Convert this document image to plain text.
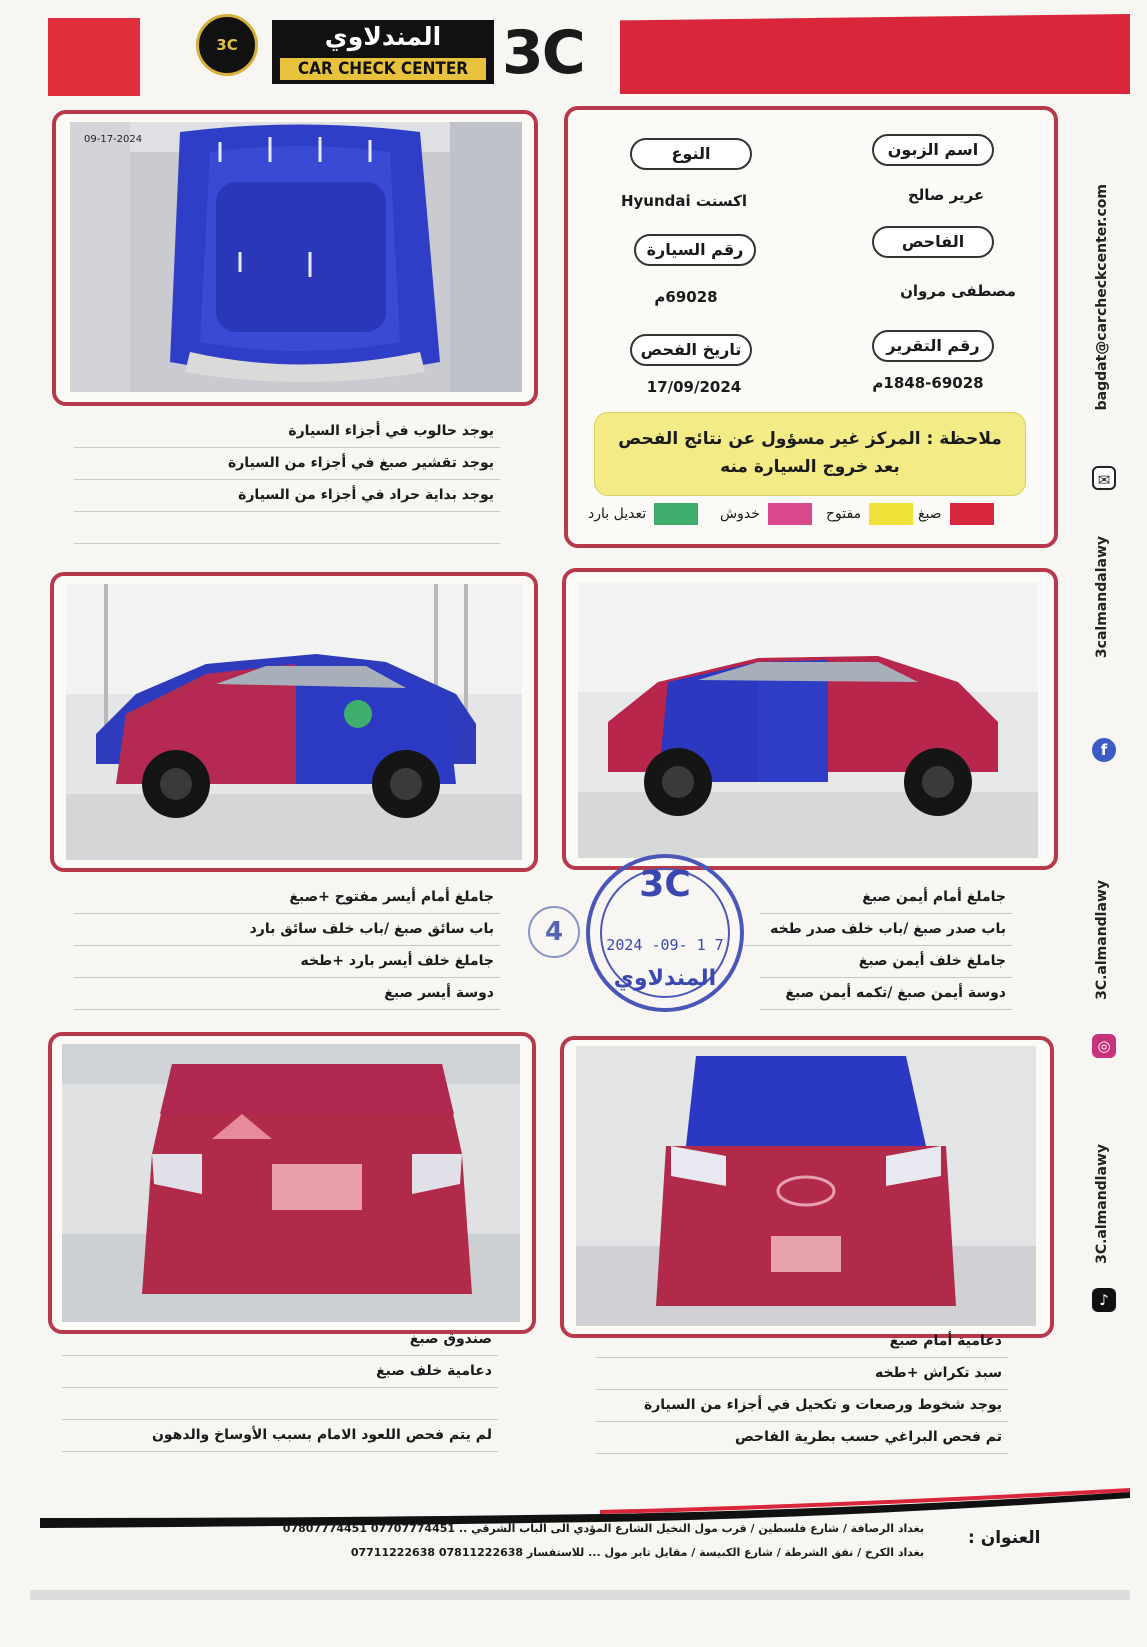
3C	المندلاوي
CAR CHECK CENTER 3C
09-17-2024
اسم الزبون
النوع
عرير صالح
Hyundai اكسنت
الفاحص
رقم السيارة
مصطفى مروان
69028م
رقم التقرير
تاريخ الفحص
1848-69028م
17/09/2024
ملاحظة : المركز غير مسؤول عن نتائج الفحص
بعد خروج السيارة منه
صبغ
مفتوح
خدوش
تعديل بارد
يوجد حالوب في أجزاء السيارة
يوجد تقشير صبغ في أجزاء من السيارة
يوجد بداية حراد في أجزاء من السيارة
جاملغ أمام أيسر مفتوح +صبغ
باب سائق صبغ /باب خلف سائق بارد
جاملغ خلف أيسر بارد +طخه
دوسة أيسر صبغ
جاملغ أمام أيمن صبغ
باب صدر صبغ /باب خلف صدر طخه
جاملغ خلف أيمن صبغ
دوسة أيمن صبغ /تكمه أيمن صبغ
4
3C
2024 -09- 1 7
المندلاوي
صندوق صبغ
دعامية خلف صبغ
لم يتم فحص اللعود الامام بسبب الأوساخ والدهون
دعامية أمام صبغ
سبد تكراش +طخه
يوجد شخوط ورصعات و تكحيل في أجزاء من السيارة
تم فحص البراغي حسب بطرية الفاحص
bagdat@carcheckcenter.com
✉
3calmandalawy
f
3C.almandlawy
◎
3C.almandlawy
♪
العنوان :
بغداد الرصافة / شارع فلسطين / قرب مول النخيل الشارع المؤدي الى الباب الشرقي .. 07707774451 07807774451
بغداد الكرخ / نفق الشرطة / شارع الكبيسة / مقابل تابر مول ... للاستفسار 07811222638 07711222638
